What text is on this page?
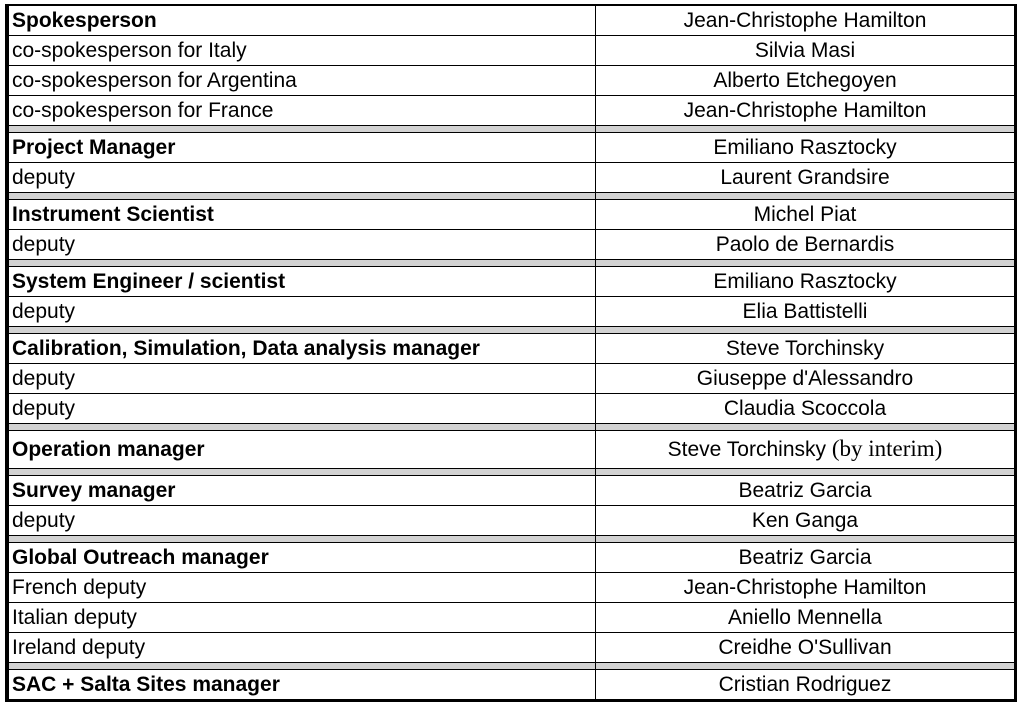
Spokesperson	Jean-Christophe Hamilton
co-spokesperson for Italy	Silvia Masi
co-spokesperson for Argentina	Alberto Etchegoyen
co-spokesperson for France	Jean-Christophe Hamilton

Project Manager	Emiliano Rasztocky
deputy	Laurent Grandsire

Instrument Scientist	Michel Piat
deputy	Paolo de Bernardis

System Engineer / scientist	Emiliano Rasztocky
deputy	Elia Battistelli

Calibration, Simulation, Data analysis manager	Steve Torchinsky
deputy	Giuseppe d'Alessandro
deputy	Claudia Scoccola

Operation manager	Steve Torchinsky (by interim)

Survey manager	Beatriz Garcia
deputy	Ken Ganga

Global Outreach manager	Beatriz Garcia
French deputy	Jean-Christophe Hamilton
Italian deputy	Aniello Mennella
Ireland deputy	Creidhe O'Sullivan

SAC + Salta Sites manager	Cristian Rodriguez
